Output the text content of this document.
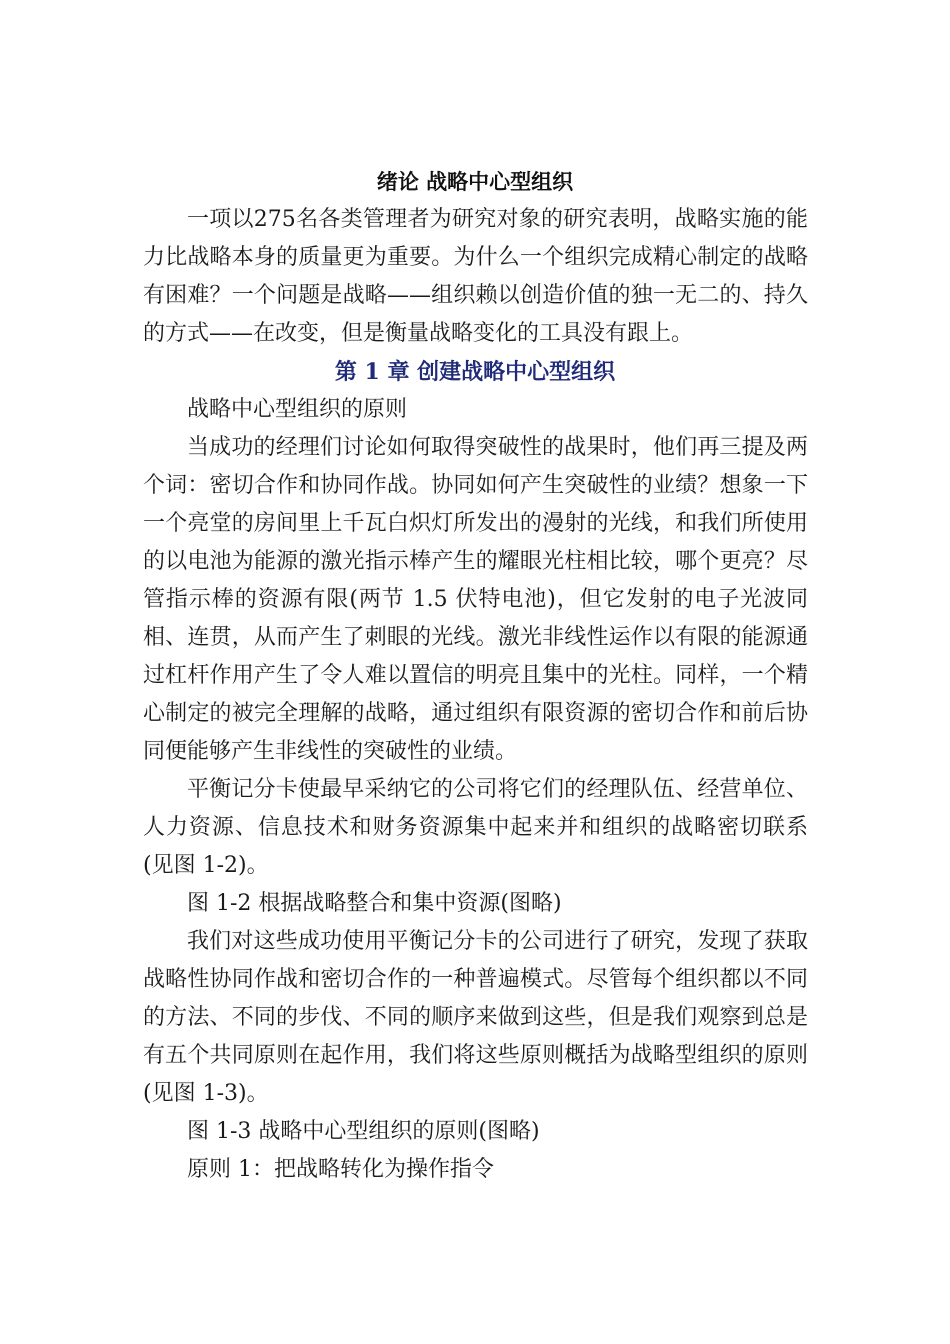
绪论 战略中心型组织

一项以275名各类管理者为研究对象的研究表明，战略实施的能力比战略本身的质量更为重要。为什么一个组织完成精心制定的战略有困难？一个问题是战略——组织赖以创造价值的独一无二的、持久的方式——在改变，但是衡量战略变化的工具没有跟上。

第 1 章 创建战略中心型组织

战略中心型组织的原则

当成功的经理们讨论如何取得突破性的战果时，他们再三提及两个词：密切合作和协同作战。协同如何产生突破性的业绩？想象一下一个亮堂的房间里上千瓦白炽灯所发出的漫射的光线，和我们所使用的以电池为能源的激光指示棒产生的耀眼光柱相比较，哪个更亮？尽管指示棒的资源有限(两节 1.5 伏特电池)，但它发射的电子光波同相、连贯，从而产生了刺眼的光线。激光非线性运作以有限的能源通过杠杆作用产生了令人难以置信的明亮且集中的光柱。同样，一个精心制定的被完全理解的战略，通过组织有限资源的密切合作和前后协同便能够产生非线性的突破性的业绩。

平衡记分卡使最早采纳它的公司将它们的经理队伍、经营单位、人力资源、信息技术和财务资源集中起来并和组织的战略密切联系(见图 1-2)。

图 1-2 根据战略整合和集中资源(图略)

我们对这些成功使用平衡记分卡的公司进行了研究，发现了获取战略性协同作战和密切合作的一种普遍模式。尽管每个组织都以不同的方法、不同的步伐、不同的顺序来做到这些，但是我们观察到总是有五个共同原则在起作用，我们将这些原则概括为战略型组织的原则(见图 1-3)。

图 1-3 战略中心型组织的原则(图略)

原则 1：把战略转化为操作指令
